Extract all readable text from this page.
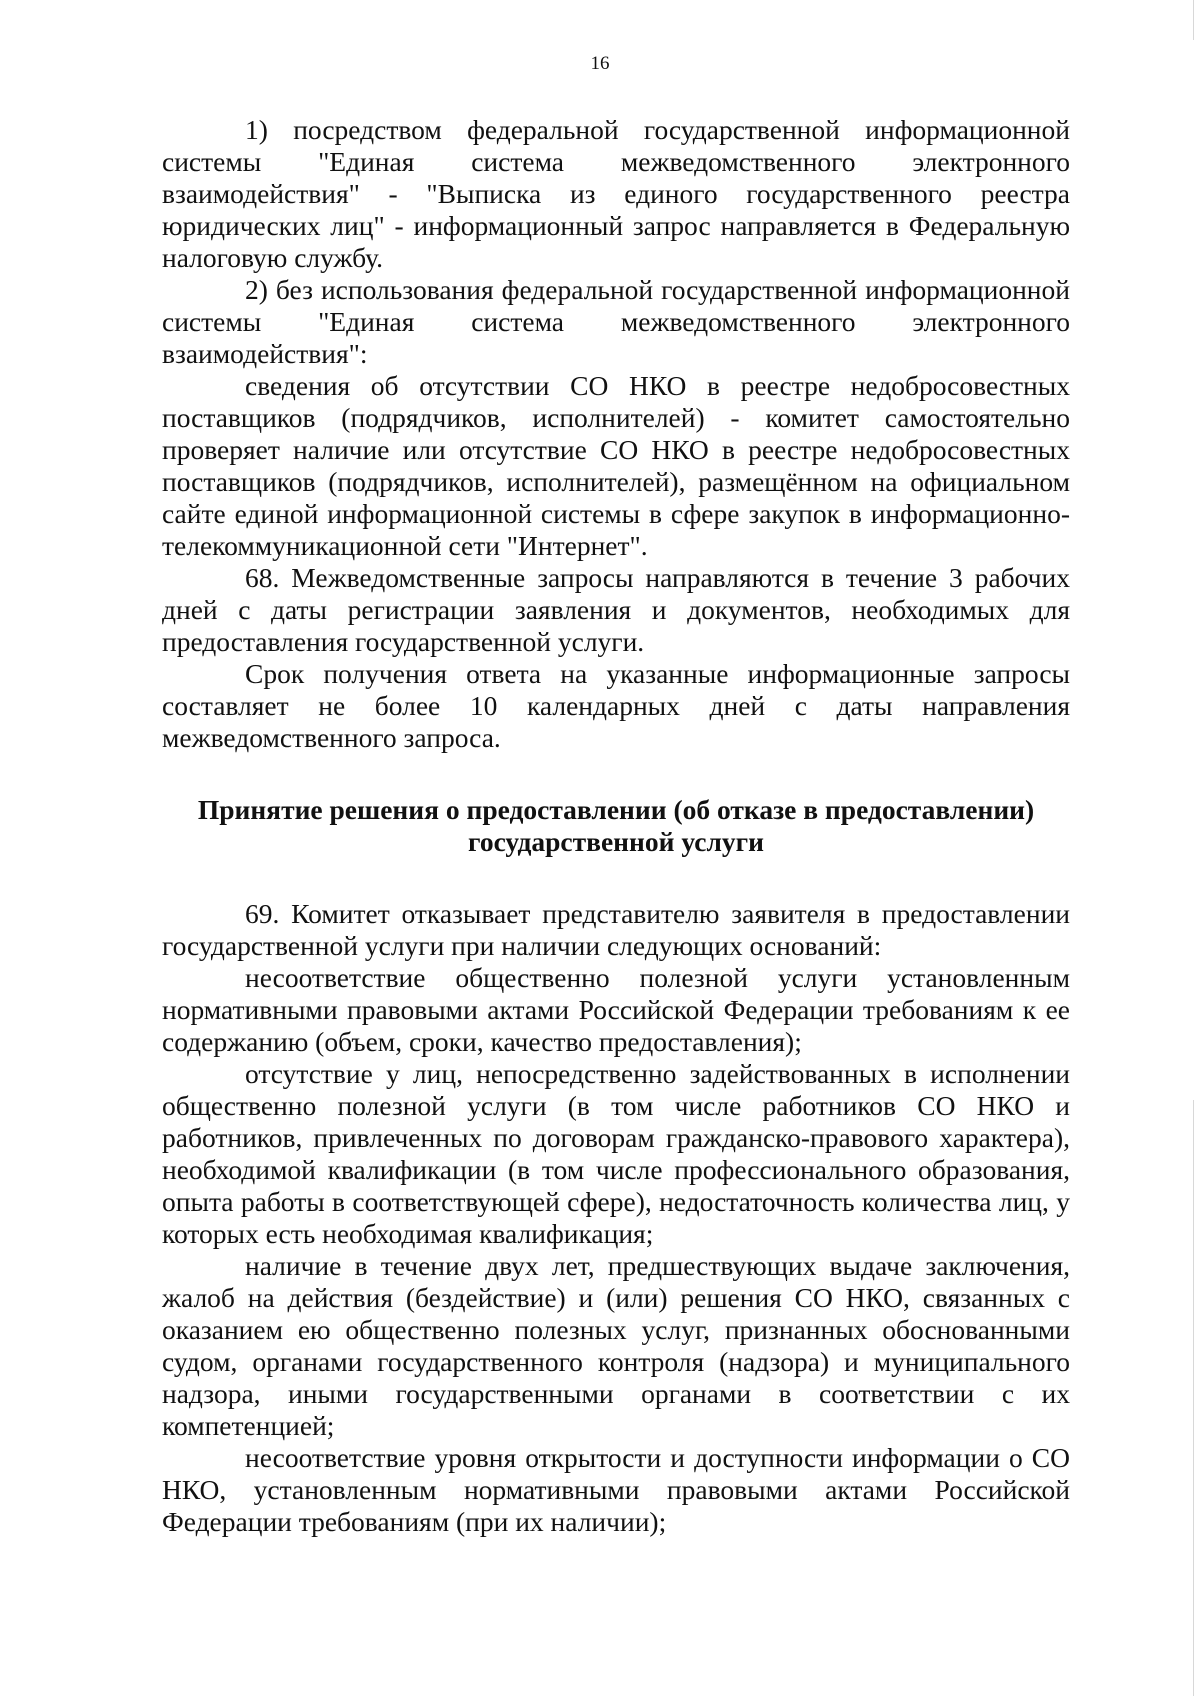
16

1) посредством федеральной государственной информационной системы "Единая система межведомственного электронного взаимодействия" - "Выписка из единого государственного реестра юридических лиц" - информационный запрос направляется в Федеральную налоговую службу.

2) без использования федеральной государственной информационной системы "Единая система межведомственного электронного взаимодействия":

сведения об отсутствии СО НКО в реестре недобросовестных поставщиков (подрядчиков, исполнителей) - комитет самостоятельно проверяет наличие или отсутствие СО НКО в реестре недобросовестных поставщиков (подрядчиков, исполнителей), размещённом на официальном сайте единой информационной системы в сфере закупок в информационно-телекоммуникационной сети "Интернет".

68. Межведомственные запросы направляются в течение 3 рабочих дней с даты регистрации заявления и документов, необходимых для предоставления государственной услуги.

Срок получения ответа на указанные информационные запросы составляет не более 10 календарных дней с даты направления межведомственного запроса.

Принятие решения о предоставлении (об отказе в предоставлении)
государственной услуги

69. Комитет отказывает представителю заявителя в предоставлении государственной услуги при наличии следующих оснований:

несоответствие общественно полезной услуги установленным нормативными правовыми актами Российской Федерации требованиям к ее содержанию (объем, сроки, качество предоставления);

отсутствие у лиц, непосредственно задействованных в исполнении общественно полезной услуги (в том числе работников СО НКО и работников, привлеченных по договорам гражданско-правового характера), необходимой квалификации (в том числе профессионального образования, опыта работы в соответствующей сфере), недостаточность количества лиц, у которых есть необходимая квалификация;

наличие в течение двух лет, предшествующих выдаче заключения, жалоб на действия (бездействие) и (или) решения СО НКО, связанных с оказанием ею общественно полезных услуг, признанных обоснованными судом, органами государственного контроля (надзора) и муниципального надзора, иными государственными органами в соответствии с их компетенцией;

несоответствие уровня открытости и доступности информации о СО НКО, установленным нормативными правовыми актами Российской Федерации требованиям (при их наличии);
